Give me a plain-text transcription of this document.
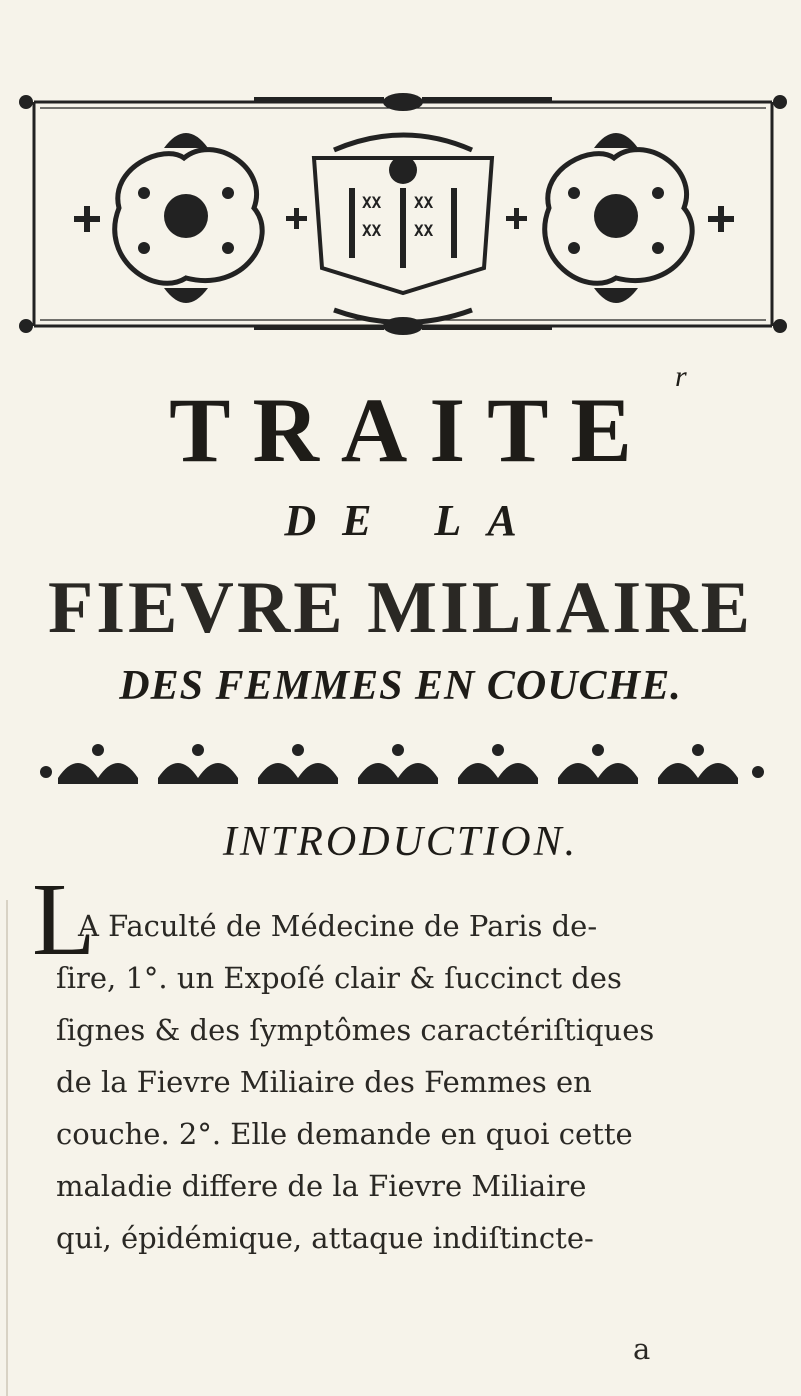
XX XX
XX XX
r
TRAITE
DE LA
FIEVRE MILIAIRE
DES FEMMES EN COUCHE.
INTRODUCTION.
L
A Faculté de Médecine de Paris de-
ſire, 1°. un Expoſé clair & ſuccinct des
ſignes & des ſymptômes caractériſtiques
de la Fievre Miliaire des Femmes en
couche. 2°. Elle demande en quoi cette
maladie differe de la Fievre Miliaire
qui, épidémique, attaque indiſtincte-
a
